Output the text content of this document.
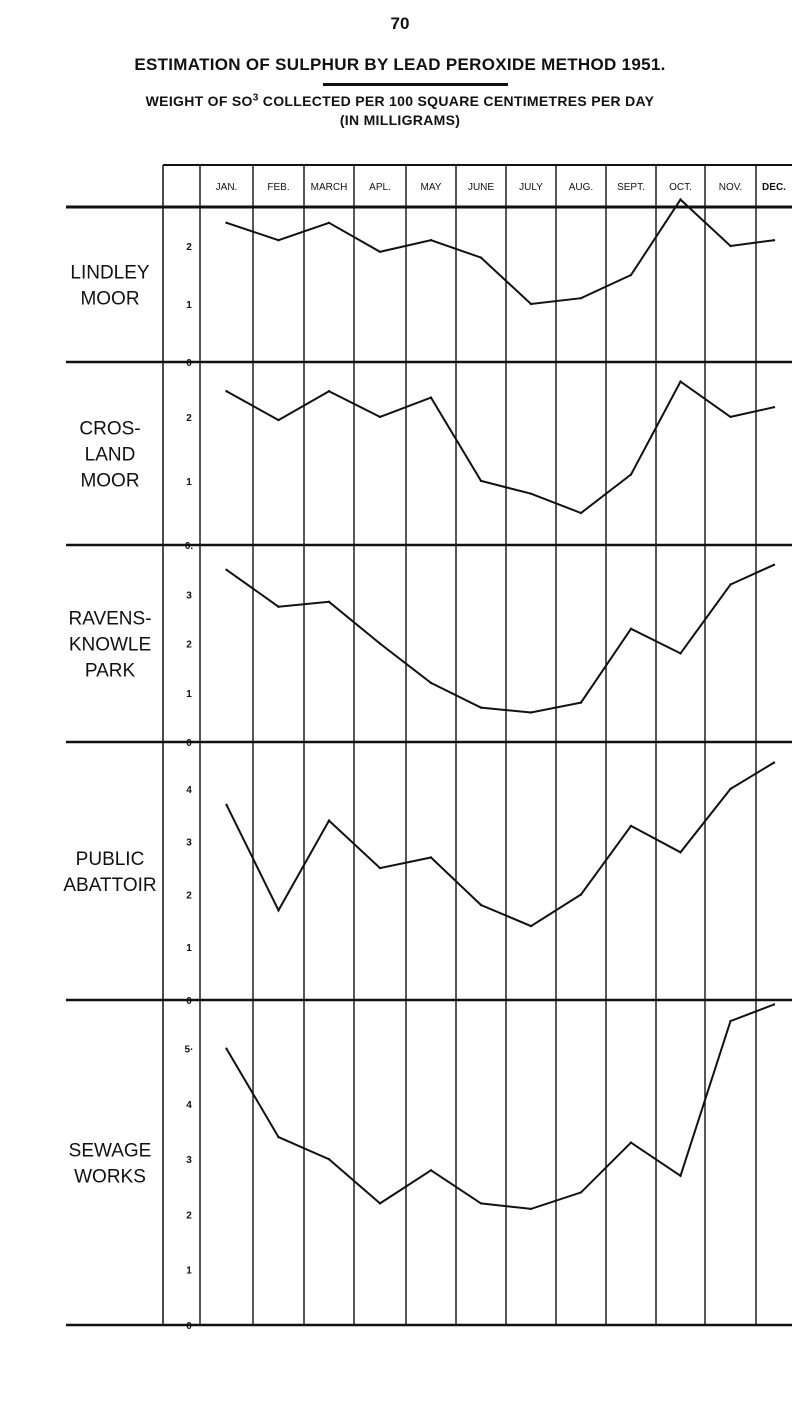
70
ESTIMATION OF SULPHUR BY LEAD PEROXIDE METHOD 1951.
WEIGHT OF $SO^3$ COLLECTED PER 100 SQUARE CENTIMETRES PER DAY
(IN MILLIGRAMS)
JAN.	FEB. MARCH APL.	MAY	JUNE	JULY	AUG. SEPT. OCT.	NOV. DEC.
LINDLEY MOOR
2
1
0
CROS-LAND MOOR
2
1
0.
RAVENS-KNOWLE PARK
3
2
1
0
PUBLIC ABATTOIR
4
3
2
1
0
SEWAGE WORKS
5·
4
3
2
1
0
